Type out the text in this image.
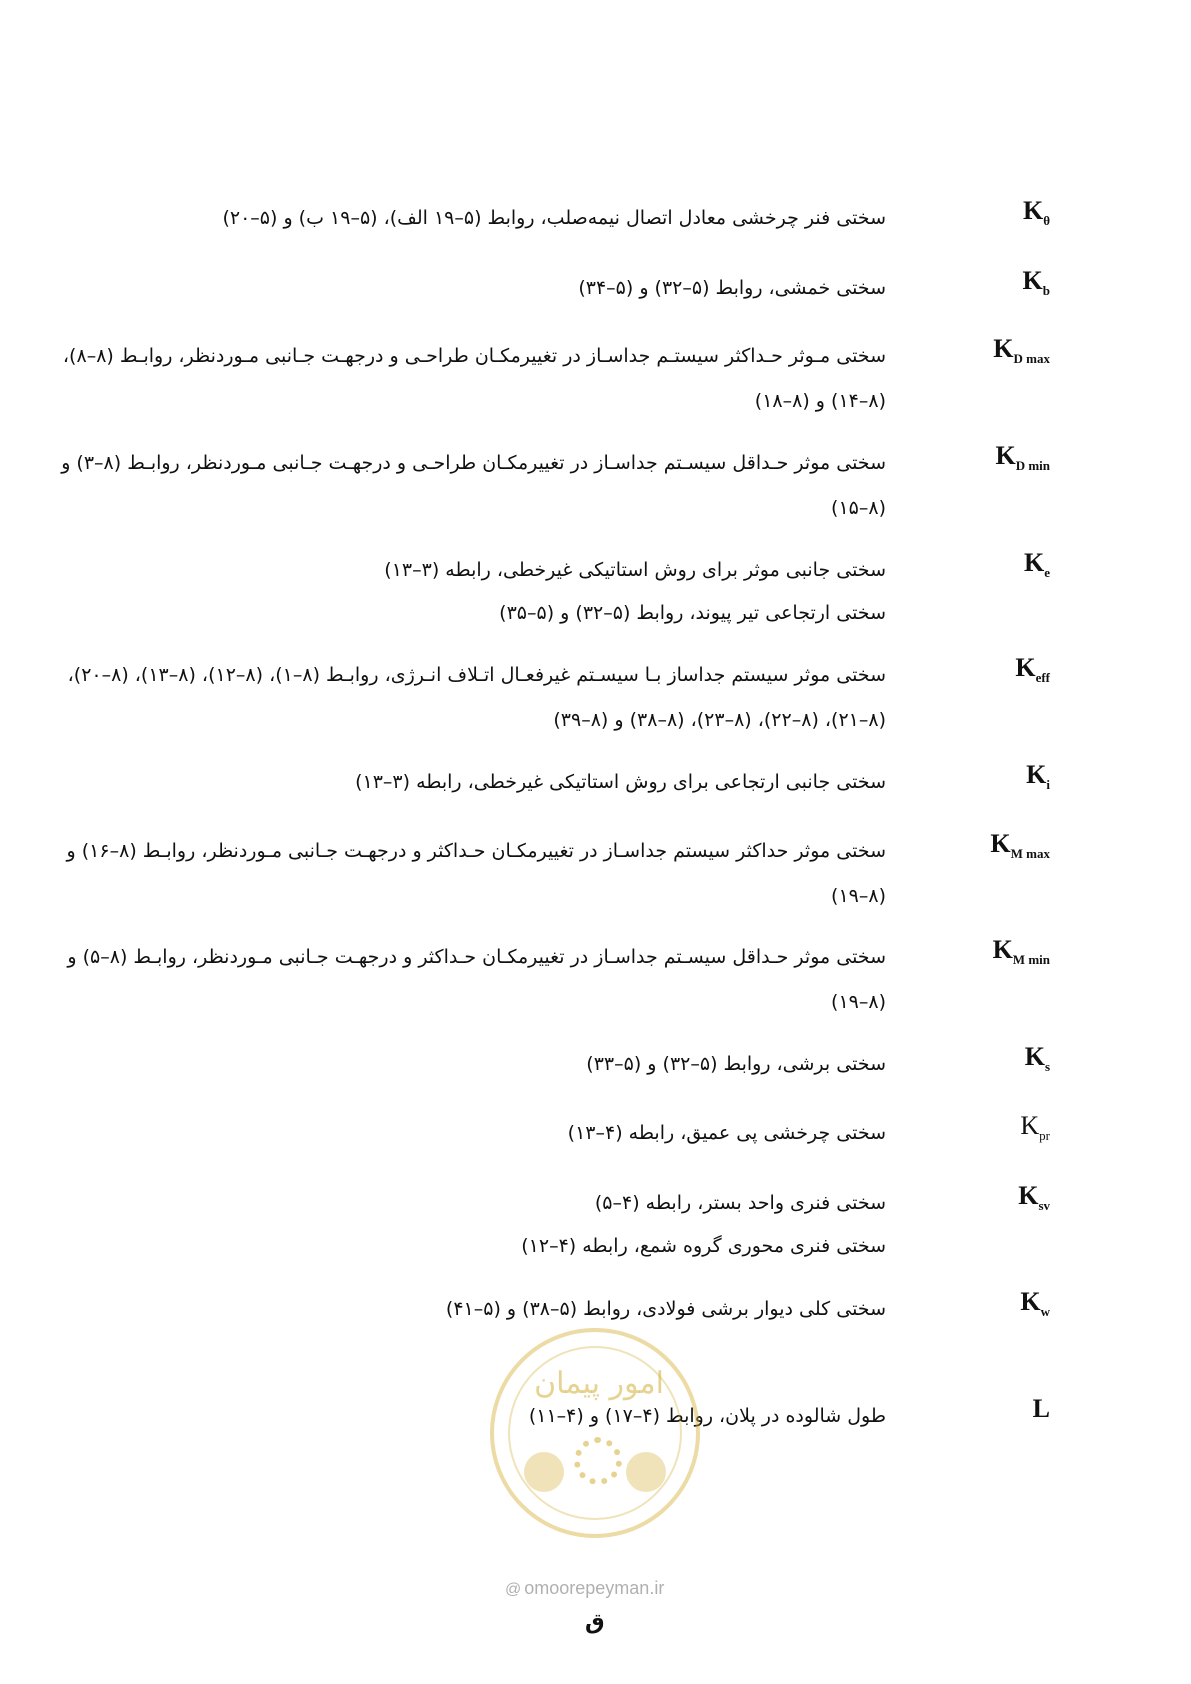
$K_\theta$
سختی فنر چرخشی معادل اتصال نیمه‌صلب، روابط (۵–۱۹ الف)، (۵–۱۹ ب) و (۵–۲۰)
$K_b$
سختی خمشی، روابط (۵–۳۲) و (۵–۳۴)
$K_{D max}$
سختی مـوثر حـداکثر سیستـم جداسـاز در تغییرمکـان طراحـی و درجهـت جـانبی مـوردنظر، روابـط (۸–۸)،
(۸–۱۴) و (۸–۱۸)
$K_{D min}$
سختی موثر حـداقل سیسـتم جداسـاز در تغییرمکـان طراحـی و درجهـت جـانبی مـوردنظر، روابـط (۸–۳) و
(۸–۱۵)
$K_e$
سختی جانبی موثر برای روش استاتیکی غیرخطی، رابطه (۳–۱۳)
سختی ارتجاعی تیر پیوند، روابط (۵–۳۲) و (۵–۳۵)
$K_{eff}$
سختی موثر سیستم جداساز بـا سیسـتم غیرفعـال اتـلاف انـرژی، روابـط (۸–۱)، (۸–۱۲)، (۸–۱۳)، (۸–۲۰)،
(۸–۲۱)، (۸–۲۲)، (۸–۲۳)، (۸–۳۸) و (۸–۳۹)
$K_i$
سختی جانبی ارتجاعی برای روش استاتیکی غیرخطی، رابطه (۳–۱۳)
$K_{M max}$
سختی موثر حداکثر سیستم جداسـاز در تغییرمکـان حـداکثر و درجهـت جـانبی مـوردنظر، روابـط (۸–۱۶) و
(۸–۱۹)
$K_{M min}$
سختی موثر حـداقل سیسـتم جداسـاز در تغییرمکـان حـداکثر و درجهـت جـانبی مـوردنظر، روابـط (۸–۵) و
(۸–۱۹)
$K_s$
سختی برشی، روابط (۵–۳۲) و (۵–۳۳)
$K_{pr}$
سختی چرخشی پی عمیق، رابطه (۴–۱۳)
$K_{sv}$
سختی فنری واحد بستر، رابطه (۴–۵)
سختی فنری محوری گروه شمع، رابطه (۴–۱۲)
$K_w$
سختی کلی دیوار برشی فولادی، روابط (۵–۳۸) و (۵–۴۱)
L
طول شالوده در پلان، روابط (۴–۱۷) و (۴–۱۱)
امور پیمان
@ omoorepeyman.ir
ق
